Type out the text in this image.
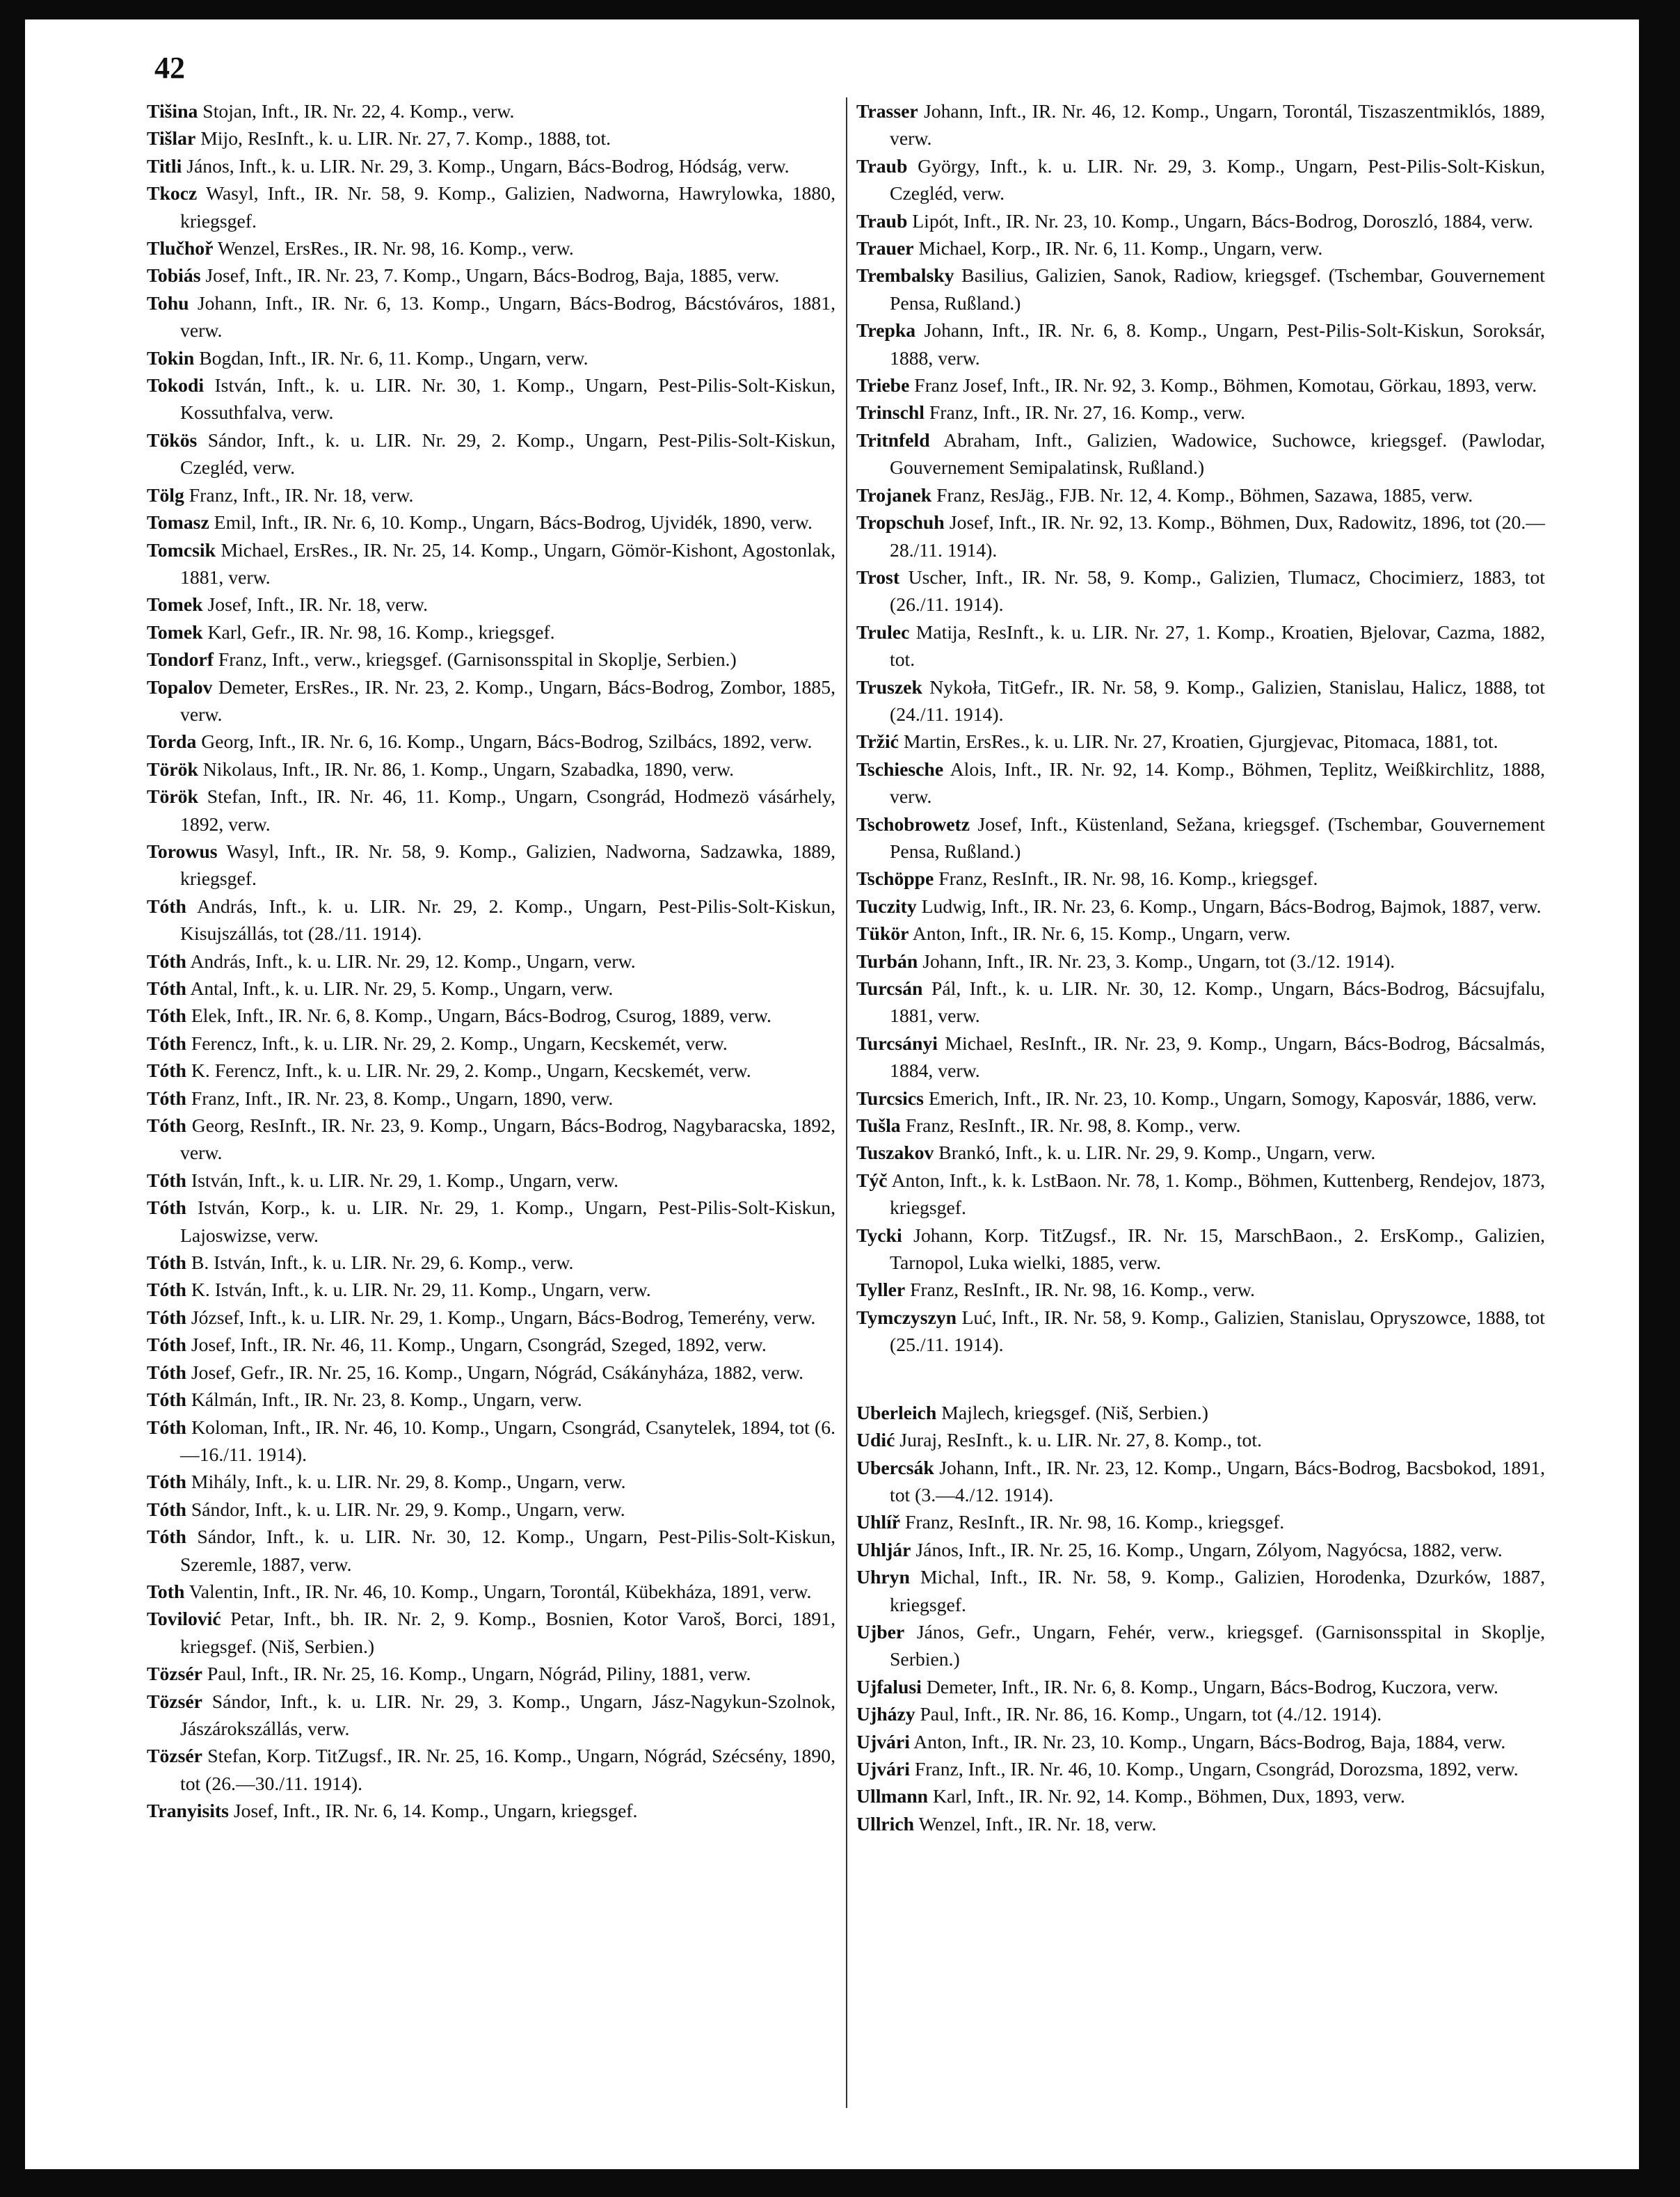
42

Tišina Stojan, Inft., IR. Nr. 22, 4. Komp., verw.

Tišlar Mijo, ResInft., k. u. LIR. Nr. 27, 7. Komp., 1888, tot.

Titli János, Inft., k. u. LIR. Nr. 29, 3. Komp., Ungarn, Bács-Bodrog, Hódság, verw.

Tkocz Wasyl, Inft., IR. Nr. 58, 9. Komp., Galizien, Nadworna, Hawrylowka, 1880, kriegsgef.

Tlučhoř Wenzel, ErsRes., IR. Nr. 98, 16. Komp., verw.

Tobiás Josef, Inft., IR. Nr. 23, 7. Komp., Ungarn, Bács-Bodrog, Baja, 1885, verw.

Tohu Johann, Inft., IR. Nr. 6, 13. Komp., Ungarn, Bács-Bodrog, Bácstóváros, 1881, verw.

Tokin Bogdan, Inft., IR. Nr. 6, 11. Komp., Ungarn, verw.

Tokodi István, Inft., k. u. LIR. Nr. 30, 1. Komp., Ungarn, Pest-Pilis-Solt-Kiskun, Kossuthfalva, verw.

Tökös Sándor, Inft., k. u. LIR. Nr. 29, 2. Komp., Ungarn, Pest-Pilis-Solt-Kiskun, Czegléd, verw.

Tölg Franz, Inft., IR. Nr. 18, verw.

Tomasz Emil, Inft., IR. Nr. 6, 10. Komp., Ungarn, Bács-Bodrog, Ujvidék, 1890, verw.

Tomcsik Michael, ErsRes., IR. Nr. 25, 14. Komp., Ungarn, Gömör-Kishont, Agostonlak, 1881, verw.

Tomek Josef, Inft., IR. Nr. 18, verw.

Tomek Karl, Gefr., IR. Nr. 98, 16. Komp., kriegsgef.

Tondorf Franz, Inft., verw., kriegsgef. (Garnisonsspital in Skoplje, Serbien.)

Topalov Demeter, ErsRes., IR. Nr. 23, 2. Komp., Ungarn, Bács-Bodrog, Zombor, 1885, verw.

Torda Georg, Inft., IR. Nr. 6, 16. Komp., Ungarn, Bács-Bodrog, Szilbács, 1892, verw.

Török Nikolaus, Inft., IR. Nr. 86, 1. Komp., Ungarn, Szabadka, 1890, verw.

Török Stefan, Inft., IR. Nr. 46, 11. Komp., Ungarn, Csongrád, Hodmezö vásárhely, 1892, verw.

Torowus Wasyl, Inft., IR. Nr. 58, 9. Komp., Galizien, Nadworna, Sadzawka, 1889, kriegsgef.

Tóth András, Inft., k. u. LIR. Nr. 29, 2. Komp., Ungarn, Pest-Pilis-Solt-Kiskun, Kisujszállás, tot (28./11. 1914).

Tóth András, Inft., k. u. LIR. Nr. 29, 12. Komp., Ungarn, verw.

Tóth Antal, Inft., k. u. LIR. Nr. 29, 5. Komp., Ungarn, verw.

Tóth Elek, Inft., IR. Nr. 6, 8. Komp., Ungarn, Bács-Bodrog, Csurog, 1889, verw.

Tóth Ferencz, Inft., k. u. LIR. Nr. 29, 2. Komp., Ungarn, Kecskemét, verw.

Tóth K. Ferencz, Inft., k. u. LIR. Nr. 29, 2. Komp., Ungarn, Kecskemét, verw.

Tóth Franz, Inft., IR. Nr. 23, 8. Komp., Ungarn, 1890, verw.

Tóth Georg, ResInft., IR. Nr. 23, 9. Komp., Ungarn, Bács-Bodrog, Nagybaracska, 1892, verw.

Tóth István, Inft., k. u. LIR. Nr. 29, 1. Komp., Ungarn, verw.

Tóth István, Korp., k. u. LIR. Nr. 29, 1. Komp., Ungarn, Pest-Pilis-Solt-Kiskun, Lajoswizse, verw.

Tóth B. István, Inft., k. u. LIR. Nr. 29, 6. Komp., verw.

Tóth K. István, Inft., k. u. LIR. Nr. 29, 11. Komp., Ungarn, verw.

Tóth József, Inft., k. u. LIR. Nr. 29, 1. Komp., Ungarn, Bács-Bodrog, Temerény, verw.

Tóth Josef, Inft., IR. Nr. 46, 11. Komp., Ungarn, Csongrád, Szeged, 1892, verw.

Tóth Josef, Gefr., IR. Nr. 25, 16. Komp., Ungarn, Nógrád, Csákányháza, 1882, verw.

Tóth Kálmán, Inft., IR. Nr. 23, 8. Komp., Ungarn, verw.

Tóth Koloman, Inft., IR. Nr. 46, 10. Komp., Ungarn, Csongrád, Csanytelek, 1894, tot (6.—16./11. 1914).

Tóth Mihály, Inft., k. u. LIR. Nr. 29, 8. Komp., Ungarn, verw.

Tóth Sándor, Inft., k. u. LIR. Nr. 29, 9. Komp., Ungarn, verw.

Tóth Sándor, Inft., k. u. LIR. Nr. 30, 12. Komp., Ungarn, Pest-Pilis-Solt-Kiskun, Szeremle, 1887, verw.

Toth Valentin, Inft., IR. Nr. 46, 10. Komp., Ungarn, Torontál, Kübekháza, 1891, verw.

Tovilović Petar, Inft., bh. IR. Nr. 2, 9. Komp., Bosnien, Kotor Varoš, Borci, 1891, kriegsgef. (Niš, Serbien.)

Tözsér Paul, Inft., IR. Nr. 25, 16. Komp., Ungarn, Nógrád, Piliny, 1881, verw.

Tözsér Sándor, Inft., k. u. LIR. Nr. 29, 3. Komp., Ungarn, Jász-Nagykun-Szolnok, Jászárokszállás, verw.

Tözsér Stefan, Korp. TitZugsf., IR. Nr. 25, 16. Komp., Ungarn, Nógrád, Szécsény, 1890, tot (26.—30./11. 1914).

Tranyisits Josef, Inft., IR. Nr. 6, 14. Komp., Ungarn, kriegsgef.

Trasser Johann, Inft., IR. Nr. 46, 12. Komp., Ungarn, Torontál, Tiszaszentmiklós, 1889, verw.

Traub György, Inft., k. u. LIR. Nr. 29, 3. Komp., Ungarn, Pest-Pilis-Solt-Kiskun, Czegléd, verw.

Traub Lipót, Inft., IR. Nr. 23, 10. Komp., Ungarn, Bács-Bodrog, Doroszló, 1884, verw.

Trauer Michael, Korp., IR. Nr. 6, 11. Komp., Ungarn, verw.

Trembalsky Basilius, Galizien, Sanok, Radiow, kriegsgef. (Tschembar, Gouvernement Pensa, Rußland.)

Trepka Johann, Inft., IR. Nr. 6, 8. Komp., Ungarn, Pest-Pilis-Solt-Kiskun, Soroksár, 1888, verw.

Triebe Franz Josef, Inft., IR. Nr. 92, 3. Komp., Böhmen, Komotau, Görkau, 1893, verw.

Trinschl Franz, Inft., IR. Nr. 27, 16. Komp., verw.

Tritnfeld Abraham, Inft., Galizien, Wadowice, Suchowce, kriegsgef. (Pawlodar, Gouvernement Semipalatinsk, Rußland.)

Trojanek Franz, ResJäg., FJB. Nr. 12, 4. Komp., Böhmen, Sazawa, 1885, verw.

Tropschuh Josef, Inft., IR. Nr. 92, 13. Komp., Böhmen, Dux, Radowitz, 1896, tot (20.—28./11. 1914).

Trost Uscher, Inft., IR. Nr. 58, 9. Komp., Galizien, Tlumacz, Chocimierz, 1883, tot (26./11. 1914).

Trulec Matija, ResInft., k. u. LIR. Nr. 27, 1. Komp., Kroatien, Bjelovar, Cazma, 1882, tot.

Truszek Nykoła, TitGefr., IR. Nr. 58, 9. Komp., Galizien, Stanislau, Halicz, 1888, tot (24./11. 1914).

Tržić Martin, ErsRes., k. u. LIR. Nr. 27, Kroatien, Gjurgjevac, Pitomaca, 1881, tot.

Tschiesche Alois, Inft., IR. Nr. 92, 14. Komp., Böhmen, Teplitz, Weißkirchlitz, 1888, verw.

Tschobrowetz Josef, Inft., Küstenland, Sežana, kriegsgef. (Tschembar, Gouvernement Pensa, Rußland.)

Tschöppe Franz, ResInft., IR. Nr. 98, 16. Komp., kriegsgef.

Tuczity Ludwig, Inft., IR. Nr. 23, 6. Komp., Ungarn, Bács-Bodrog, Bajmok, 1887, verw.

Tükör Anton, Inft., IR. Nr. 6, 15. Komp., Ungarn, verw.

Turbán Johann, Inft., IR. Nr. 23, 3. Komp., Ungarn, tot (3./12. 1914).

Turcsán Pál, Inft., k. u. LIR. Nr. 30, 12. Komp., Ungarn, Bács-Bodrog, Bácsujfalu, 1881, verw.

Turcsányi Michael, ResInft., IR. Nr. 23, 9. Komp., Ungarn, Bács-Bodrog, Bácsalmás, 1884, verw.

Turcsics Emerich, Inft., IR. Nr. 23, 10. Komp., Ungarn, Somogy, Kaposvár, 1886, verw.

Tušla Franz, ResInft., IR. Nr. 98, 8. Komp., verw.

Tuszakov Brankó, Inft., k. u. LIR. Nr. 29, 9. Komp., Ungarn, verw.

Týč Anton, Inft., k. k. LstBaon. Nr. 78, 1. Komp., Böhmen, Kuttenberg, Rendejov, 1873, kriegsgef.

Tycki Johann, Korp. TitZugsf., IR. Nr. 15, MarschBaon., 2. ErsKomp., Galizien, Tarnopol, Luka wielki, 1885, verw.

Tyller Franz, ResInft., IR. Nr. 98, 16. Komp., verw.

Tymczyszyn Luć, Inft., IR. Nr. 58, 9. Komp., Galizien, Stanislau, Opryszowce, 1888, tot (25./11. 1914).

Uberleich Majlech, kriegsgef. (Niš, Serbien.)

Udić Juraj, ResInft., k. u. LIR. Nr. 27, 8. Komp., tot.

Ubercsák Johann, Inft., IR. Nr. 23, 12. Komp., Ungarn, Bács-Bodrog, Bacsbokod, 1891, tot (3.—4./12. 1914).

Uhlíř Franz, ResInft., IR. Nr. 98, 16. Komp., kriegsgef.

Uhljár János, Inft., IR. Nr. 25, 16. Komp., Ungarn, Zólyom, Nagyócsa, 1882, verw.

Uhryn Michal, Inft., IR. Nr. 58, 9. Komp., Galizien, Horodenka, Dzurków, 1887, kriegsgef.

Ujber János, Gefr., Ungarn, Fehér, verw., kriegsgef. (Garnisonsspital in Skoplje, Serbien.)

Ujfalusi Demeter, Inft., IR. Nr. 6, 8. Komp., Ungarn, Bács-Bodrog, Kuczora, verw.

Ujházy Paul, Inft., IR. Nr. 86, 16. Komp., Ungarn, tot (4./12. 1914).

Ujvári Anton, Inft., IR. Nr. 23, 10. Komp., Ungarn, Bács-Bodrog, Baja, 1884, verw.

Ujvári Franz, Inft., IR. Nr. 46, 10. Komp., Ungarn, Csongrád, Dorozsma, 1892, verw.

Ullmann Karl, Inft., IR. Nr. 92, 14. Komp., Böhmen, Dux, 1893, verw.

Ullrich Wenzel, Inft., IR. Nr. 18, verw.
